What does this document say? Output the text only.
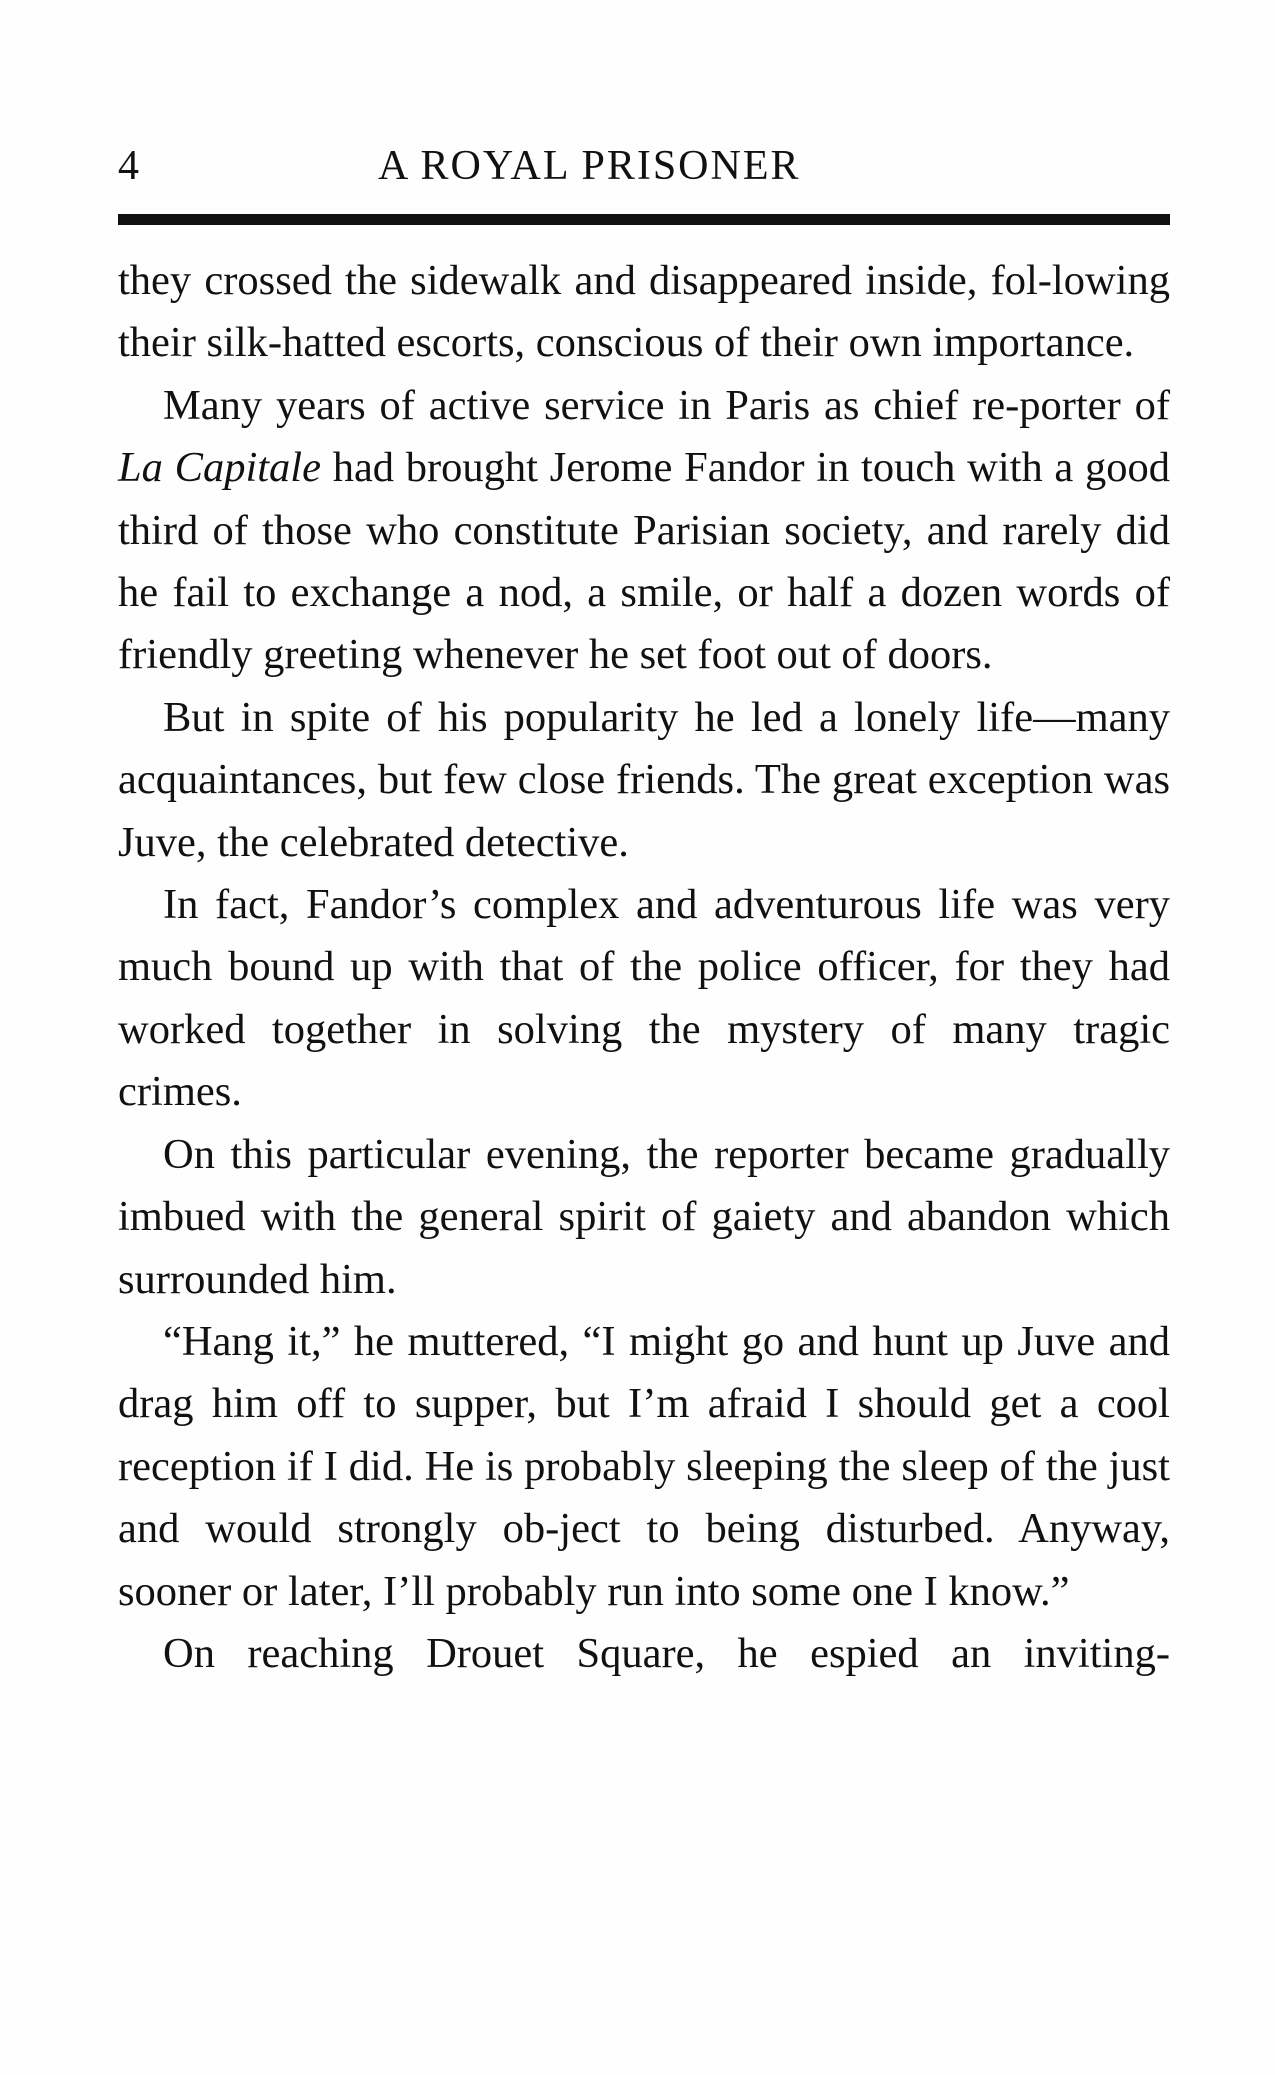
4	A ROYAL PRISONER

they crossed the sidewalk and disappeared inside, fol-lowing their silk-hatted escorts, conscious of their own importance.

Many years of active service in Paris as chief re-porter of La Capitale had brought Jerome Fandor in touch with a good third of those who constitute Parisian society, and rarely did he fail to exchange a nod, a smile, or half a dozen words of friendly greeting whenever he set foot out of doors.

But in spite of his popularity he led a lonely life—many acquaintances, but few close friends. The great exception was Juve, the celebrated detective.

In fact, Fandor’s complex and adventurous life was very much bound up with that of the police officer, for they had worked together in solving the mystery of many tragic crimes.

On this particular evening, the reporter became gradually imbued with the general spirit of gaiety and abandon which surrounded him.

“Hang it,” he muttered, “I might go and hunt up Juve and drag him off to supper, but I’m afraid I should get a cool reception if I did. He is probably sleeping the sleep of the just and would strongly ob-ject to being disturbed. Anyway, sooner or later, I’ll probably run into some one I know.”

On reaching Drouet Square, he espied an inviting-
